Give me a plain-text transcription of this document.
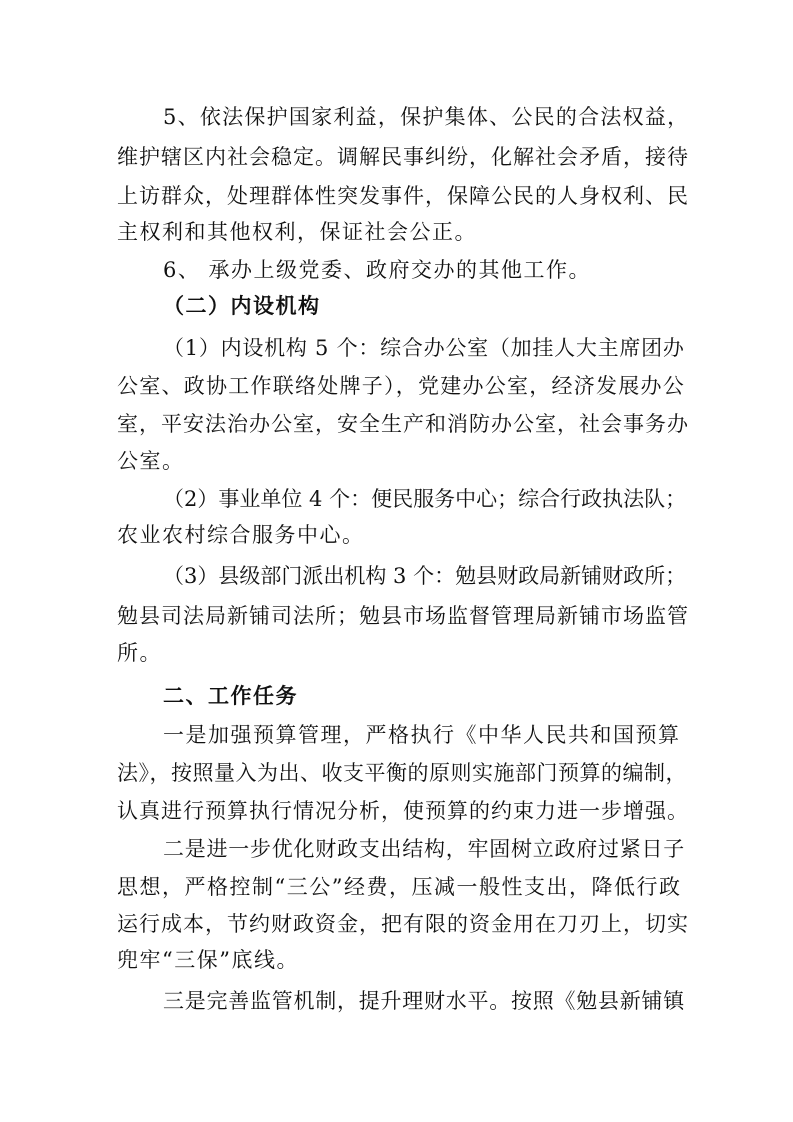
5、依法保护国家利益，保护集体、公民的合法权益，
维护辖区内社会稳定。调解民事纠纷，化解社会矛盾，接待
上访群众，处理群体性突发事件，保障公民的人身权利、民
主权利和其他权利，保证社会公正。
6、 承办上级党委、政府交办的其他工作。
（二）内设机构
（1）内设机构 5 个：综合办公室（加挂人大主席团办
公室、政协工作联络处牌子），党建办公室，经济发展办公
室，平安法治办公室，安全生产和消防办公室，社会事务办
公室。
（2）事业单位 4 个：便民服务中心；综合行政执法队；
农业农村综合服务中心。
（3）县级部门派出机构 3 个：勉县财政局新铺财政所；
勉县司法局新铺司法所；勉县市场监督管理局新铺市场监管
所。
二、工作任务
一是加强预算管理，严格执行《中华人民共和国预算
法》，按照量入为出、收支平衡的原则实施部门预算的编制，
认真进行预算执行情况分析，使预算的约束力进一步增强。
二是进一步优化财政支出结构，牢固树立政府过紧日子
思想，严格控制“三公”经费，压减一般性支出，降低行政
运行成本，节约财政资金，把有限的资金用在刀刃上，切实
兜牢“三保”底线。
三是完善监管机制，提升理财水平。按照《勉县新铺镇
